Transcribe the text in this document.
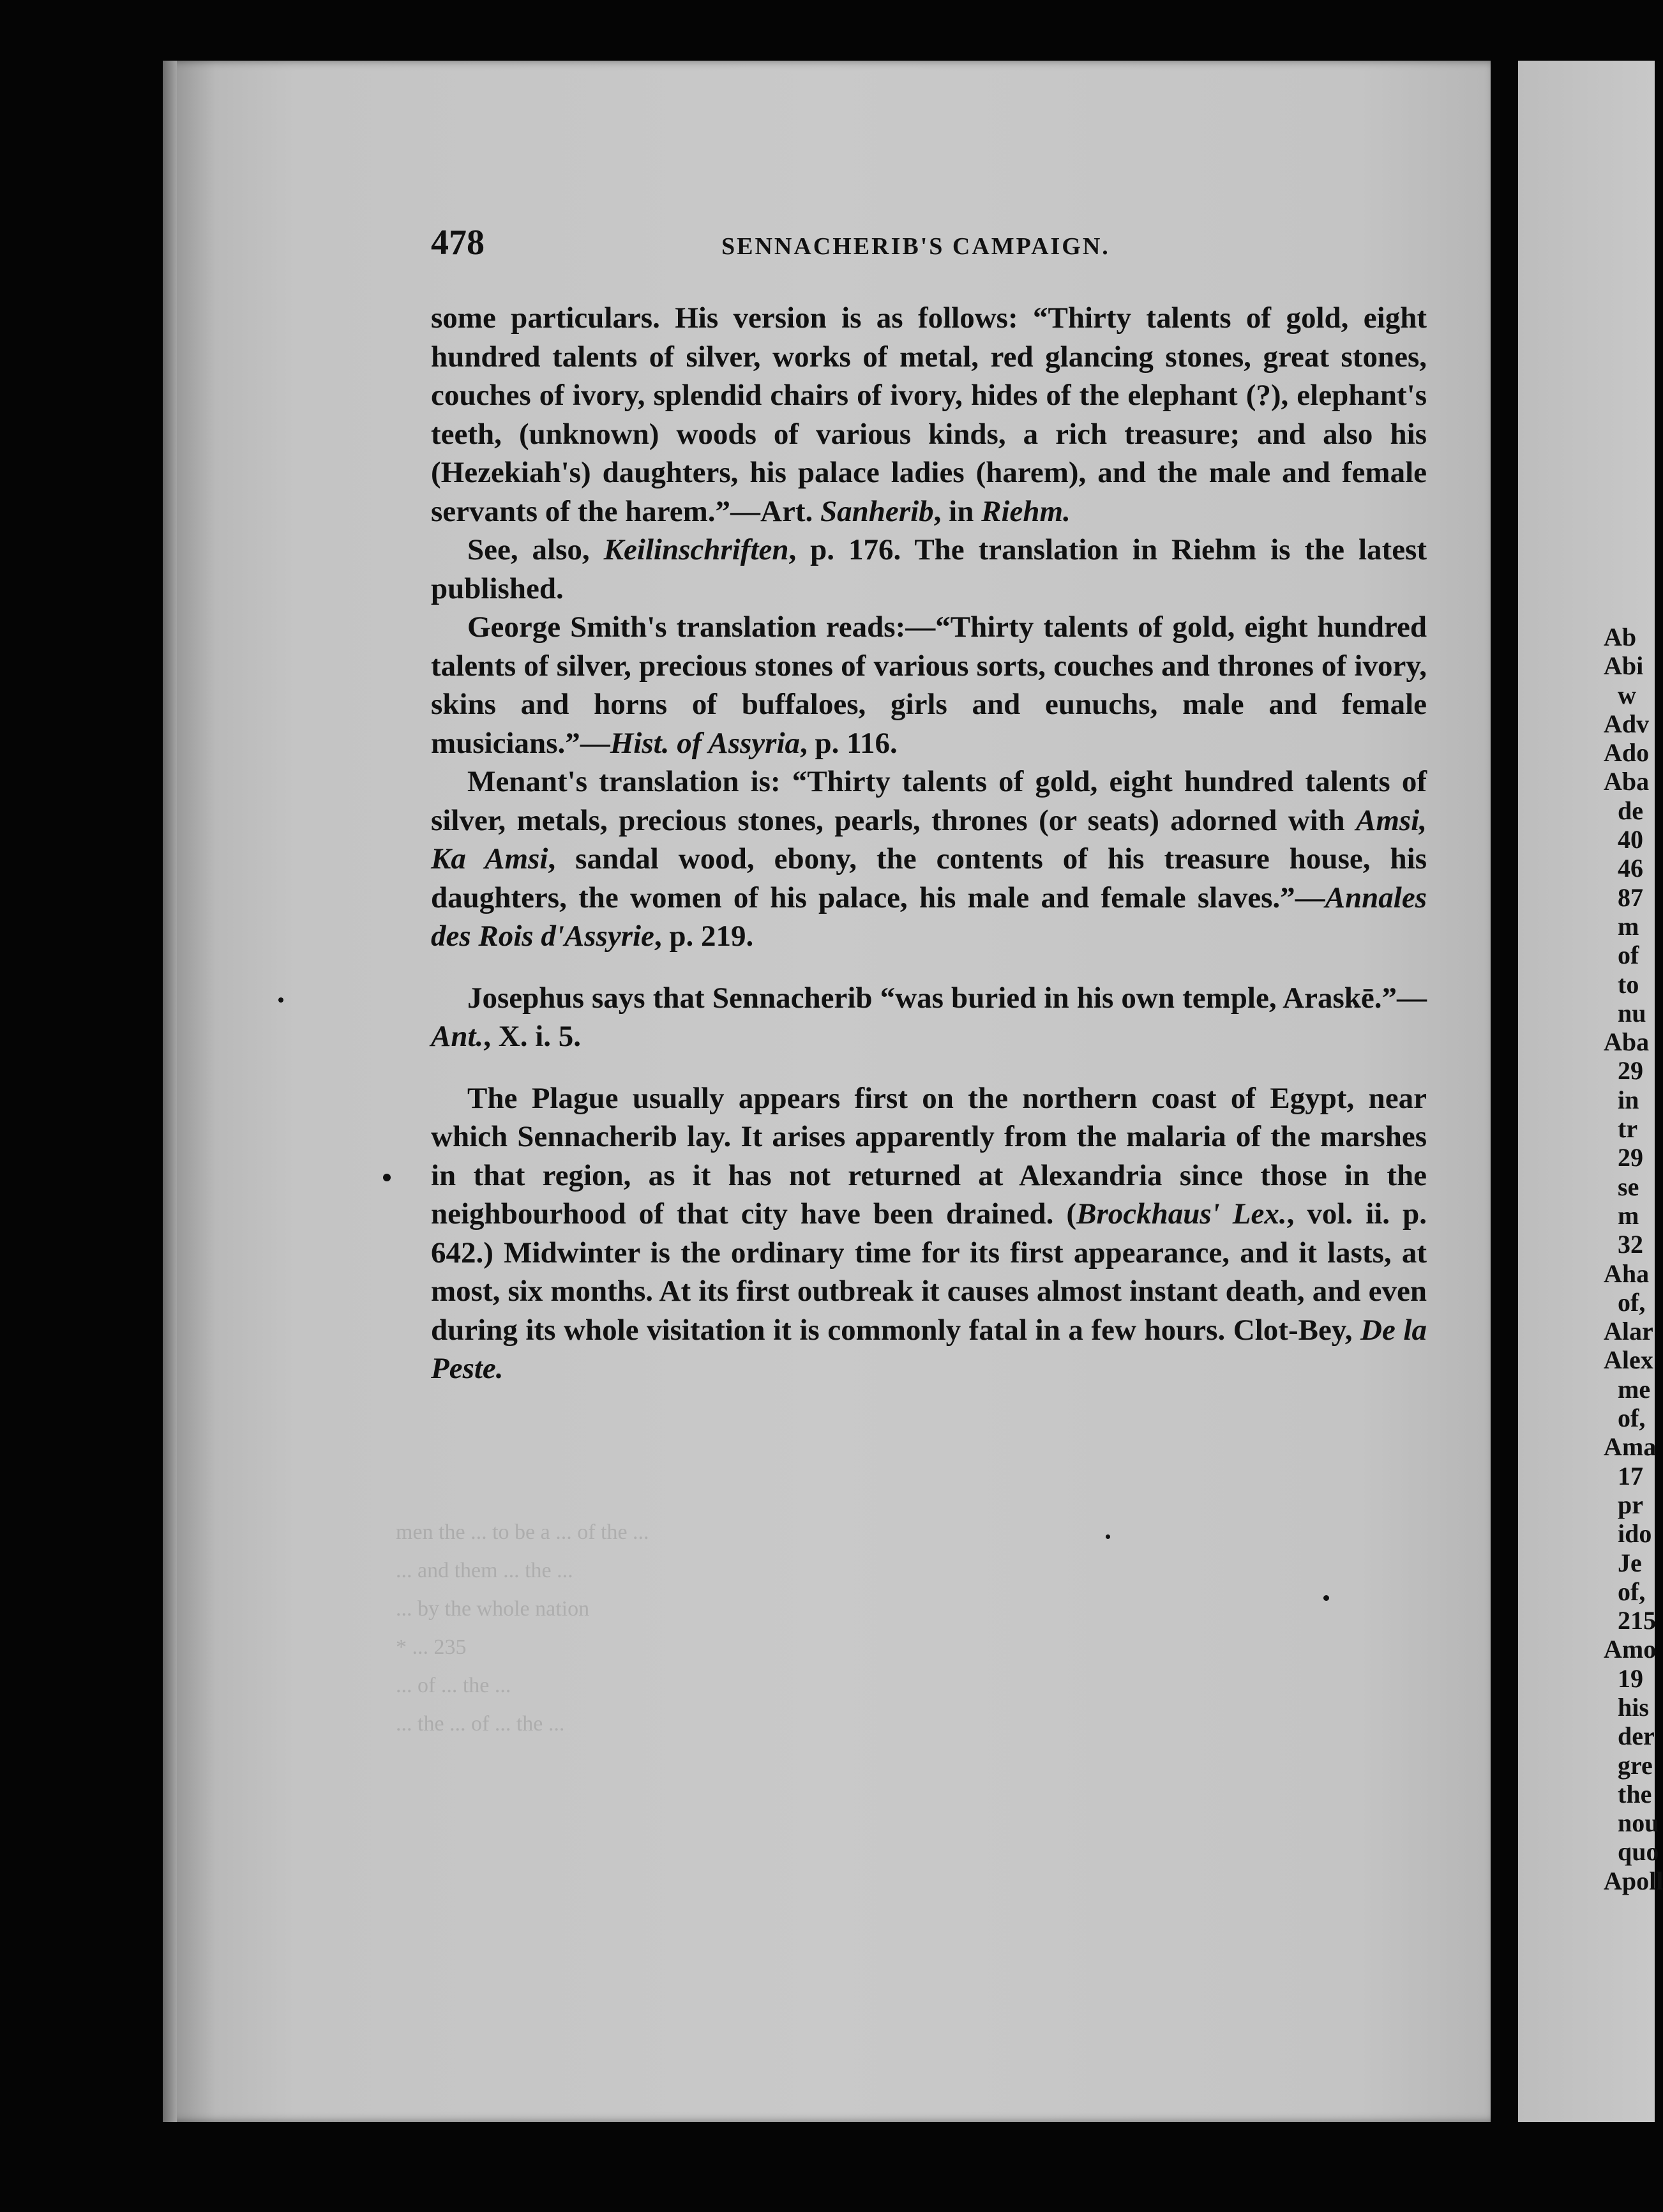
478	SENNACHERIB'S CAMPAIGN.

some particulars. His version is as follows: “Thirty talents of gold, eight hundred talents of silver, works of metal, red glancing stones, great stones, couches of ivory, splendid chairs of ivory, hides of the elephant (?), elephant's teeth, (unknown) woods of various kinds, a rich treasure; and also his (Hezekiah's) daughters, his palace ladies (harem), and the male and female servants of the harem.”—Art. Sanherib, in Riehm.

See, also, Keilinschriften, p. 176. The translation in Riehm is the latest published.

George Smith's translation reads:—“Thirty talents of gold, eight hundred talents of silver, precious stones of various sorts, couches and thrones of ivory, skins and horns of buffaloes, girls and eunuchs, male and female musicians.”—Hist. of Assyria, p. 116.

Menant's translation is: “Thirty talents of gold, eight hundred talents of silver, metals, precious stones, pearls, thrones (or seats) adorned with Amsi, Ka Amsi, sandal wood, ebony, the contents of his treasure house, his daughters, the women of his palace, his male and female slaves.”—Annales des Rois d'Assyrie, p. 219.

Josephus says that Sennacherib “was buried in his own temple, Araskē.”—Ant., X. i. 5.

The Plague usually appears first on the northern coast of Egypt, near which Sennacherib lay. It arises apparently from the malaria of the marshes in that region, as it has not returned at Alexandria since those in the neighbourhood of that city have been drained. (Brockhaus' Lex., vol. ii. p. 642.) Midwinter is the ordinary time for its first appearance, and it lasts, at most, six months. At its first outbreak it causes almost instant death, and even during its whole visitation it is commonly fatal in a few hours. Clot-Bey, De la Peste.

Ab
Abi
w
Adv
Ado
Aba
de
40
46
87
m
of
to
nu
Aba
29
in
tr
29
se
m
32
Aha
of,
Alar
Alex
me
of,
Ama
17
pr
ido
Je
of,
215
Amo
19
his
der
gre
the
nou
quo
Apoll
